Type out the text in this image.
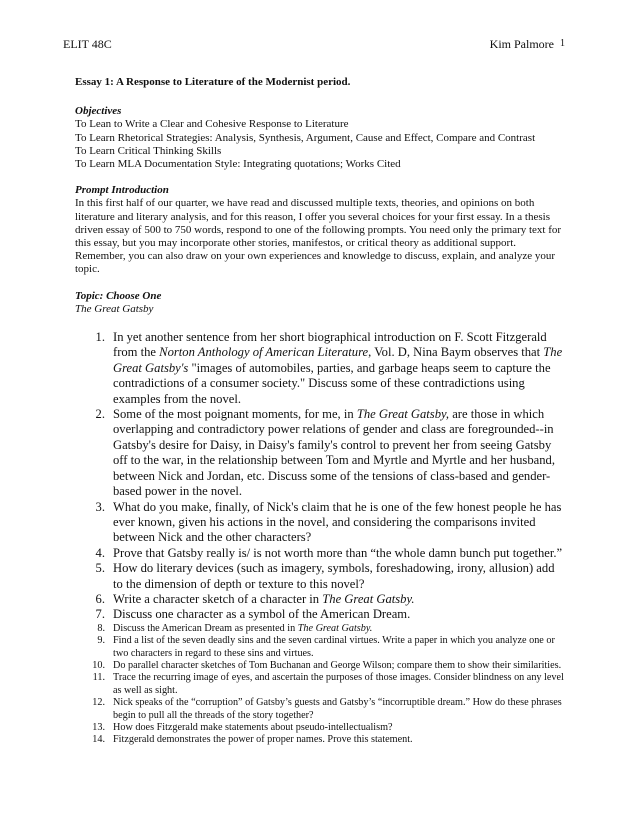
ELIT 48C	Kim Palmore 1

Essay 1: A Response to Literature of the Modernist period.

Objectives

To Lean to Write a Clear and Cohesive Response to Literature

To Learn Rhetorical Strategies: Analysis, Synthesis, Argument, Cause and Effect, Compare and Contrast

To Learn Critical Thinking Skills

To Learn MLA Documentation Style: Integrating quotations; Works Cited

Prompt Introduction

In this first half of our quarter, we have read and discussed multiple texts, theories, and opinions on both literature and literary analysis, and for this reason, I offer you several choices for your first essay. In a thesis driven essay of 500 to 750 words, respond to one of the following prompts. You need only the primary text for this essay, but you may incorporate other stories, manifestos, or critical theory as additional support. Remember, you can also draw on your own experiences and knowledge to discuss, explain, and analyze your topic.

Topic: Choose One

The Great Gatsby

1. In yet another sentence from her short biographical introduction on F. Scott Fitzgerald from the Norton Anthology of American Literature, Vol. D, Nina Baym observes that The Great Gatsby's "images of automobiles, parties, and garbage heaps seem to capture the contradictions of a consumer society." Discuss some of these contradictions using examples from the novel.
2. Some of the most poignant moments, for me, in The Great Gatsby, are those in which overlapping and contradictory power relations of gender and class are foregrounded--in Gatsby's desire for Daisy, in Daisy's family's control to prevent her from seeing Gatsby off to the war, in the relationship between Tom and Myrtle and Myrtle and her husband, between Nick and Jordan, etc. Discuss some of the tensions of class-based and gender-based power in the novel.
3. What do you make, finally, of Nick's claim that he is one of the few honest people he has ever known, given his actions in the novel, and considering the comparisons invited between Nick and the other characters?
4. Prove that Gatsby really is/ is not worth more than “the whole damn bunch put together.”
5. How do literary devices (such as imagery, symbols, foreshadowing, irony, allusion) add to the dimension of depth or texture to this novel?
6. Write a character sketch of a character in The Great Gatsby.
7. Discuss one character as a symbol of the American Dream.
8. Discuss the American Dream as presented in The Great Gatsby.
9. Find a list of the seven deadly sins and the seven cardinal virtues. Write a paper in which you analyze one or two characters in regard to these sins and virtues.
10. Do parallel character sketches of Tom Buchanan and George Wilson; compare them to show their similarities.
11. Trace the recurring image of eyes, and ascertain the purposes of those images. Consider blindness on any level as well as sight.
12. Nick speaks of the “corruption” of Gatsby’s guests and Gatsby’s “incorruptible dream.” How do these phrases begin to pull all the threads of the story together?
13. How does Fitzgerald make statements about pseudo-intellectualism?
14. Fitzgerald demonstrates the power of proper names. Prove this statement.
